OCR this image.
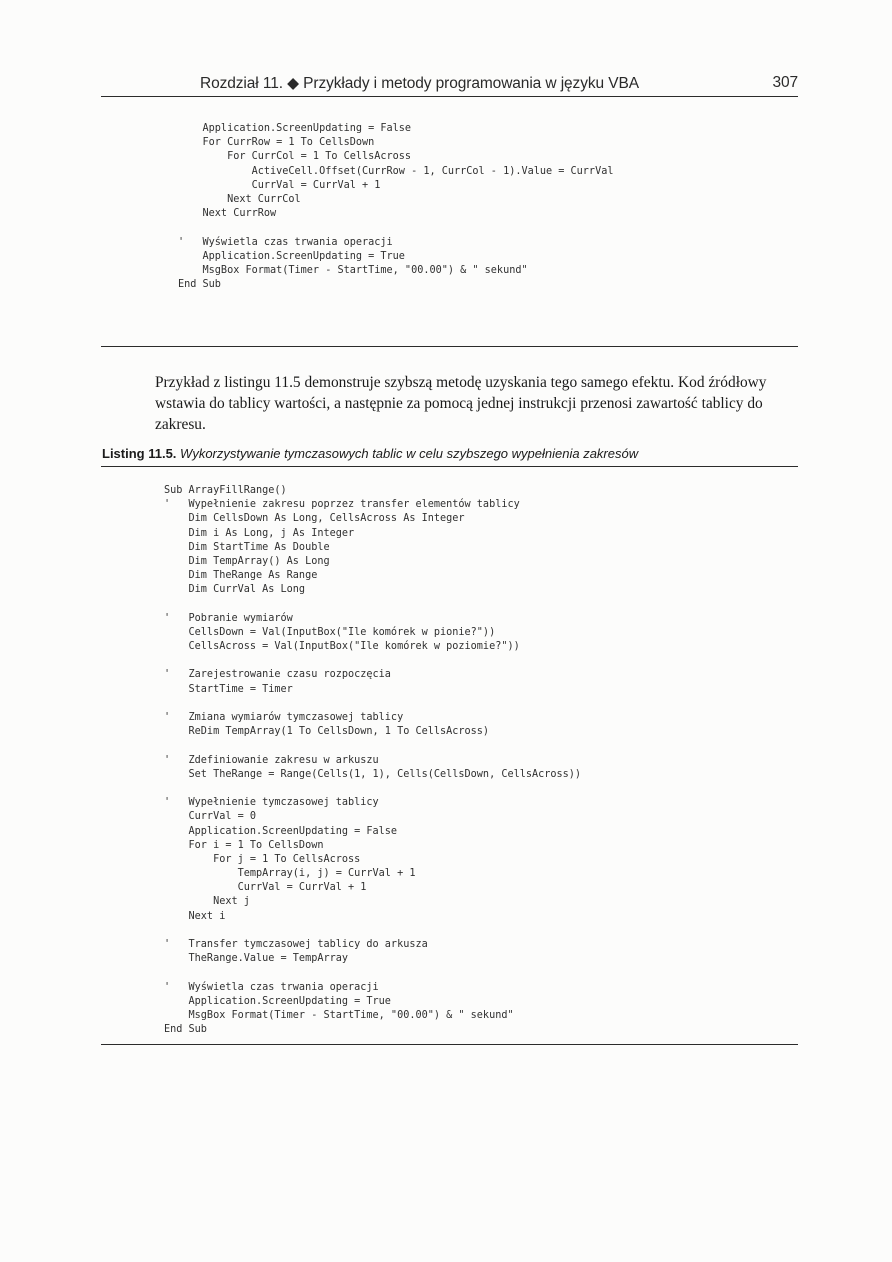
Rozdział 11. ◆ Przykłady i metody programowania w języku VBA	307
Application.ScreenUpdating = False
For CurrRow = 1 To CellsDown
For CurrCol = 1 To CellsAcross
ActiveCell.Offset(CurrRow - 1, CurrCol - 1).Value = CurrVal
CurrVal = CurrVal + 1
Next CurrCol
Next CurrRow

'   Wyświetla czas trwania operacji
Application.ScreenUpdating = True
MsgBox Format(Timer - StartTime, "00.00") & " sekund"
End Sub

Przykład z listingu 11.5 demonstruje szybszą metodę uzyskania tego samego efektu. Kod źródłowy wstawia do tablicy wartości, a następnie za pomocą jednej instrukcji przenosi zawartość tablicy do zakresu.

Listing 11.5. Wykorzystywanie tymczasowych tablic w celu szybszego wypełnienia zakresów
Sub ArrayFillRange()
'   Wypełnienie zakresu poprzez transfer elementów tablicy
Dim CellsDown As Long, CellsAcross As Integer
Dim i As Long, j As Integer
Dim StartTime As Double
Dim TempArray() As Long
Dim TheRange As Range
Dim CurrVal As Long

'   Pobranie wymiarów
CellsDown = Val(InputBox("Ile komórek w pionie?"))
CellsAcross = Val(InputBox("Ile komórek w poziomie?"))

'   Zarejestrowanie czasu rozpoczęcia
StartTime = Timer

'   Zmiana wymiarów tymczasowej tablicy
ReDim TempArray(1 To CellsDown, 1 To CellsAcross)

'   Zdefiniowanie zakresu w arkuszu
Set TheRange = Range(Cells(1, 1), Cells(CellsDown, CellsAcross))

'   Wypełnienie tymczasowej tablicy
CurrVal = 0
Application.ScreenUpdating = False
For i = 1 To CellsDown
For j = 1 To CellsAcross
TempArray(i, j) = CurrVal + 1
CurrVal = CurrVal + 1
Next j
Next i

'   Transfer tymczasowej tablicy do arkusza
TheRange.Value = TempArray

'   Wyświetla czas trwania operacji
Application.ScreenUpdating = True
MsgBox Format(Timer - StartTime, "00.00") & " sekund"
End Sub
